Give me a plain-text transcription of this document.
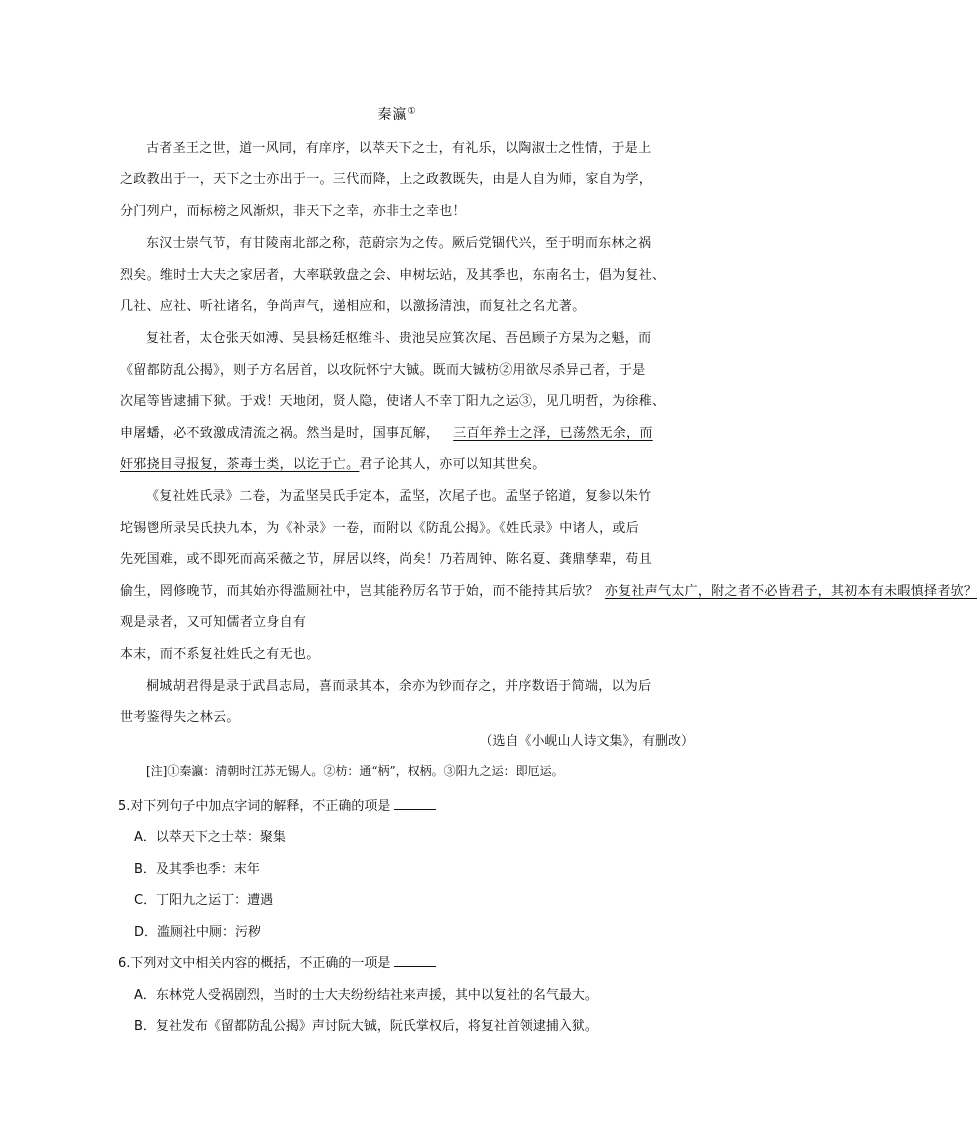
秦瀛①
古者圣王之世，道一风同，有庠序，以萃天下之士，有礼乐，以陶淑士之性情，于是上
之政教出于一，天下之士亦出于一。三代而降，上之政教既失，由是人自为师，家自为学，
分门列户，而标榜之风渐炽，非天下之幸，亦非士之幸也！
东汉士崇气节，有甘陵南北部之称，范蔚宗为之传。厥后党锢代兴，至于明而东林之祸
烈矣。维时士大夫之家居者，大率联敦盘之会、申树坛站，及其季也，东南名士，倡为复社、
几社、应社、听社诸名，争尚声气，递相应和，以激扬清浊，而复社之名尤著。
复社者，太仓张天如溥、吴县杨廷枢维斗、贵池吴应箕次尾、吾邑顾子方杲为之魁，而
《留都防乱公揭》，则子方名居首，以攻阮怀宁大铖。既而大铖枋②用欲尽杀异己者，于是
次尾等皆逮捕下狱。于戏！天地闭，贤人隐，使诸人不幸丁阳九之运③，见几明哲，为徐稚、
申屠蟠，必不致激成清流之祸。然当是时，国事瓦解， 三百年养士之泽，已荡然无余，而
奸邪挠目寻报复，茶毒士类，以讫于亡。君子论其人，亦可以知其世矣。
《复社姓氏录》二卷，为孟坚吴氏手定本，孟坚，次尾子也。孟坚子铭道，复参以朱竹
坨锡鬯所录吴氏抉九本，为《补录》一卷，而附以《防乱公揭》。《姓氏录》中诸人，或后
先死国难，或不即死而高采薇之节，屏居以终，尚矣！乃若周钟、陈名夏、龚鼎孳辈，苟且
偷生，罔修晚节，而其始亦得滥厕社中，岂其能矜厉名节于始，而不能持其后欤？ 亦复社声气太广，附之者不必皆君子，其初本有未暇慎择者欤？
观是录者，又可知儒者立身自有
本末，而不系复社姓氏之有无也。
桐城胡君得是录于武昌志局，喜而录其本，余亦为钞而存之，并序数语于简端，以为后
世考鉴得失之林云。
（选自《小岘山人诗文集》，有删改）
[注]①秦瀛：清朝时江苏无锡人。②枋：通“柄”，权柄。③阳九之运：即厄运。
5.对下列句子中加点字词的解释，不正确的项是
A．以萃天下之士萃：聚集
B．及其季也季：末年
C．丁阳九之运丁：遭遇
D．滥厕社中厕：污秽
6.下列对文中相关内容的概括，不正确的一项是
A．东林党人受祸剧烈，当时的士大夫纷纷结社来声援，其中以复社的名气最大。
B．复社发布《留都防乱公揭》声讨阮大铖，阮氏掌权后，将复社首领逮捕入狱。
